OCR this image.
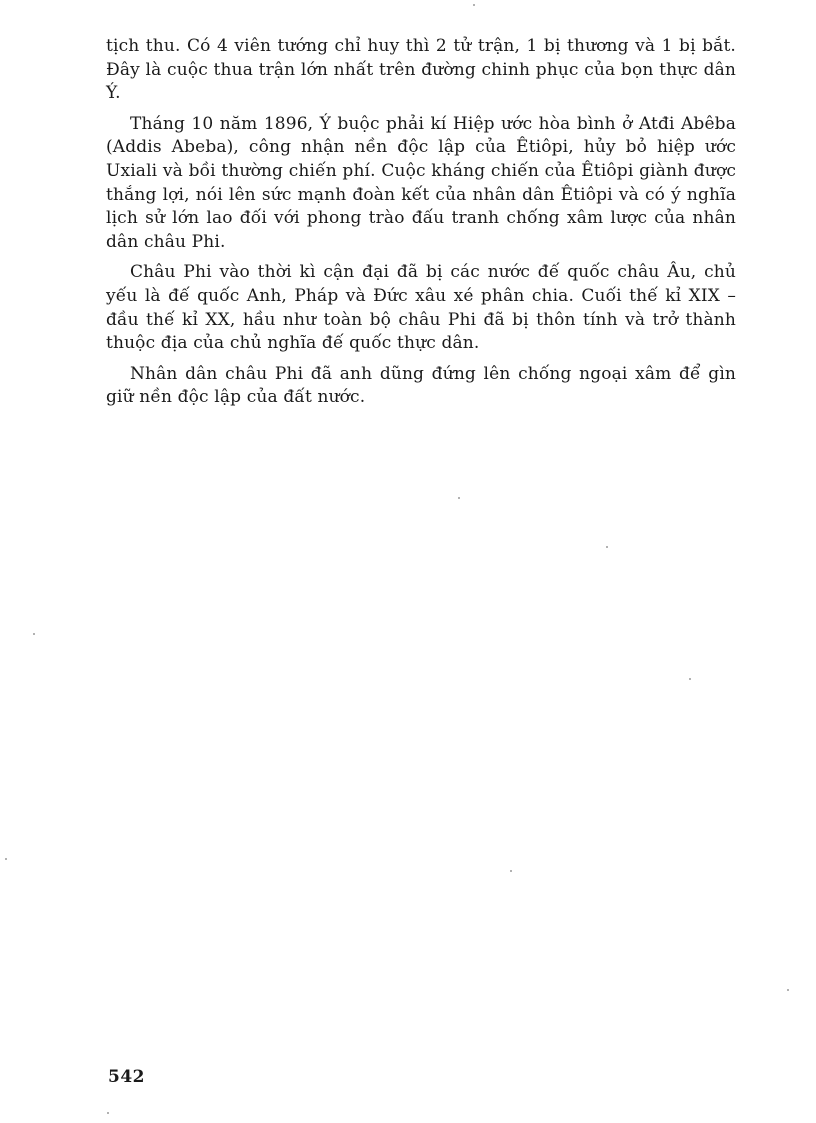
tịch thu. Có 4 viên tướng chỉ huy thì 2 tử trận, 1 bị thương và 1 bị bắt. Đây là cuộc thua trận lớn nhất trên đường chinh phục của bọn thực dân Ý.

Tháng 10 năm 1896, Ý buộc phải kí Hiệp ước hòa bình ở Atđi Abêba (Addis Abeba), công nhận nền độc lập của Êtiôpi, hủy bỏ hiệp ước Uxiali và bồi thường chiến phí. Cuộc kháng chiến của Êtiôpi giành được thắng lợi, nói lên sức mạnh đoàn kết của nhân dân Êtiôpi và có ý nghĩa lịch sử lớn lao đối với phong trào đấu tranh chống xâm lược của nhân dân châu Phi.

Châu Phi vào thời kì cận đại đã bị các nước đế quốc châu Âu, chủ yếu là đế quốc Anh, Pháp và Đức xâu xé phân chia. Cuối thế kỉ XIX – đầu thế kỉ XX, hầu như toàn bộ châu Phi đã bị thôn tính và trở thành thuộc địa của chủ nghĩa đế quốc thực dân.

Nhân dân châu Phi đã anh dũng đứng lên chống ngoại xâm để gìn giữ nền độc lập của đất nước.

542
